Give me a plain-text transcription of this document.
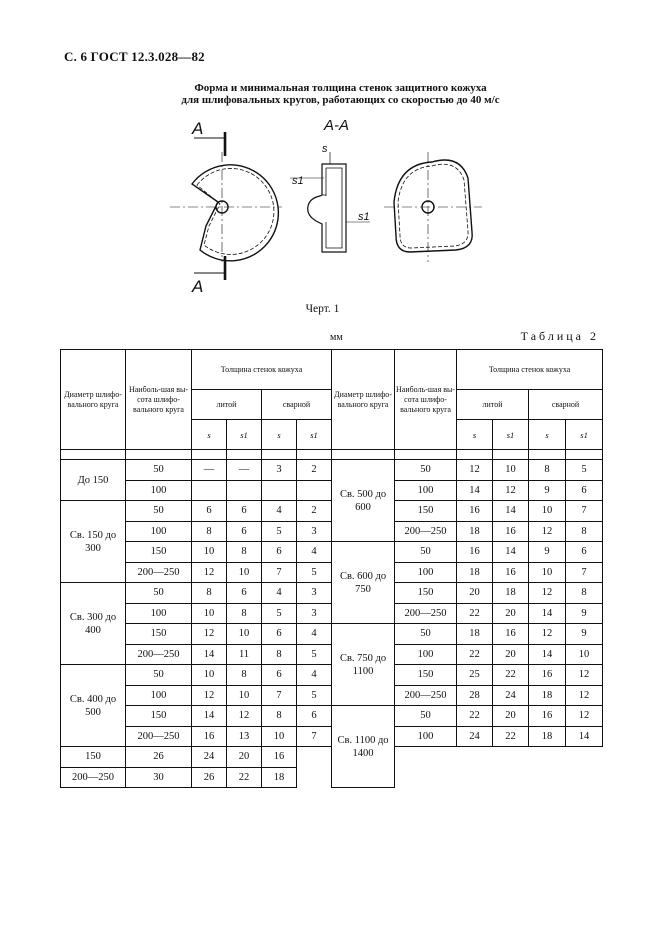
С. 6 ГОСТ 12.3.028—82
Форма и минимальная толщина стенок защитного кожуха
для шлифовальных кругов, работающих со скоростью до 40 м/с
А
А
А-А
s
s1
s1
Черт. 1
мм	Таблица 2
Диаметр шлифо-вального круга	Наиболь-шая вы-сота шлифо-вального круга	Толщина стенок кожуха				Диаметр шлифо-вального круга	Наиболь-шая вы-сота шлифо-вального круга	Толщина стенок кожуха			
		литой		сварной				литой		сварной	
		s	s1	s	s1			s	s1	s	s1

До 150	50	—	—	3	2	Св. 500 до 600	50	12	10	8	5
	100						100	14	12	9	6
Св. 150 до 300	50	6	6	4	2		150	16	14	10	7
	100	8	6	5	3		200—250	18	16	12	8
	150	10	8	6	4	Св. 600 до 750	50	16	14	9	6
	200—250	12	10	7	5		100	18	16	10	7
Св. 300 до 400	50	8	6	4	3		150	20	18	12	8
	100	10	8	5	3		200—250	22	20	14	9
	150	12	10	6	4	Св. 750 до 1100	50	18	16	12	9
	200—250	14	11	8	5		100	22	20	14	10
Св. 400 до 500	50	10	8	6	4		150	25	22	16	12
	100	12	10	7	5		200—250	28	24	18	12
	150	14	12	8	6	Св. 1100 до 1400	50	22	20	16	12
	200—250	16	13	10	7		100	24	22	18	14
150	26	24	20	16							
200—250	30	26	22	18							
